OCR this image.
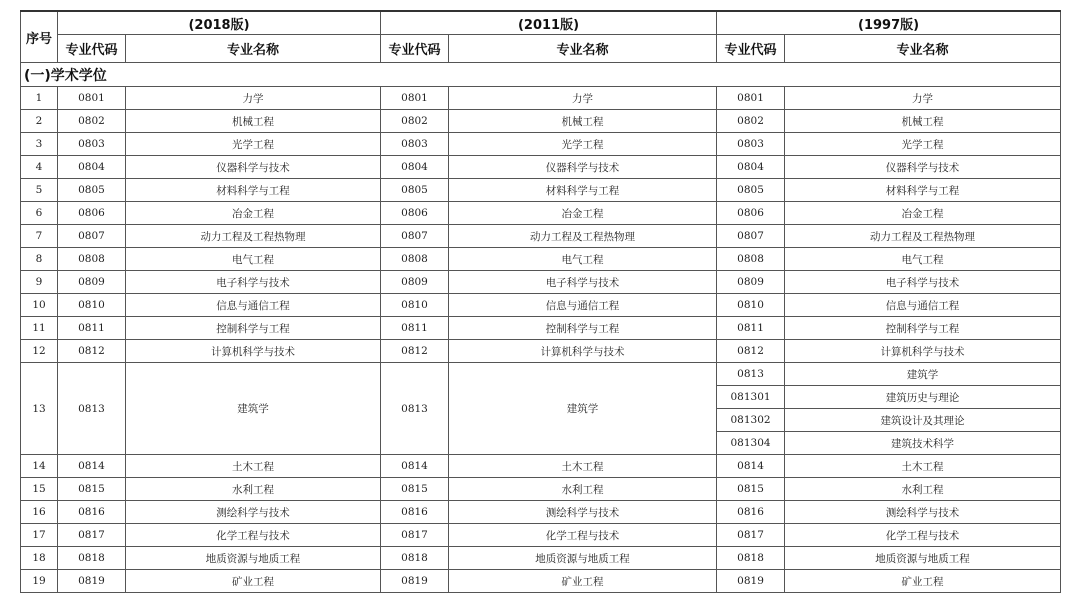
序号	(2018版)		(2011版)		(1997版)	
	专业代码	专业名称	专业代码	专业名称	专业代码	专业名称
(一)学术学位						
1	0801	力学	0801	力学	0801	力学
2	0802	机械工程	0802	机械工程	0802	机械工程
3	0803	光学工程	0803	光学工程	0803	光学工程
4	0804	仪器科学与技术	0804	仪器科学与技术	0804	仪器科学与技术
5	0805	材料科学与工程	0805	材料科学与工程	0805	材料科学与工程
6	0806	冶金工程	0806	冶金工程	0806	冶金工程
7	0807	动力工程及工程热物理	0807	动力工程及工程热物理	0807	动力工程及工程热物理
8	0808	电气工程	0808	电气工程	0808	电气工程
9	0809	电子科学与技术	0809	电子科学与技术	0809	电子科学与技术
10	0810	信息与通信工程	0810	信息与通信工程	0810	信息与通信工程
11	0811	控制科学与工程	0811	控制科学与工程	0811	控制科学与工程
12	0812	计算机科学与技术	0812	计算机科学与技术	0812	计算机科学与技术
13	0813	建筑学	0813	建筑学	0813	建筑学
					081301	建筑历史与理论
					081302	建筑设计及其理论
					081304	建筑技术科学
14	0814	土木工程	0814	土木工程	0814	土木工程
15	0815	水利工程	0815	水利工程	0815	水利工程
16	0816	测绘科学与技术	0816	测绘科学与技术	0816	测绘科学与技术
17	0817	化学工程与技术	0817	化学工程与技术	0817	化学工程与技术
18	0818	地质资源与地质工程	0818	地质资源与地质工程	0818	地质资源与地质工程
19	0819	矿业工程	0819	矿业工程	0819	矿业工程
